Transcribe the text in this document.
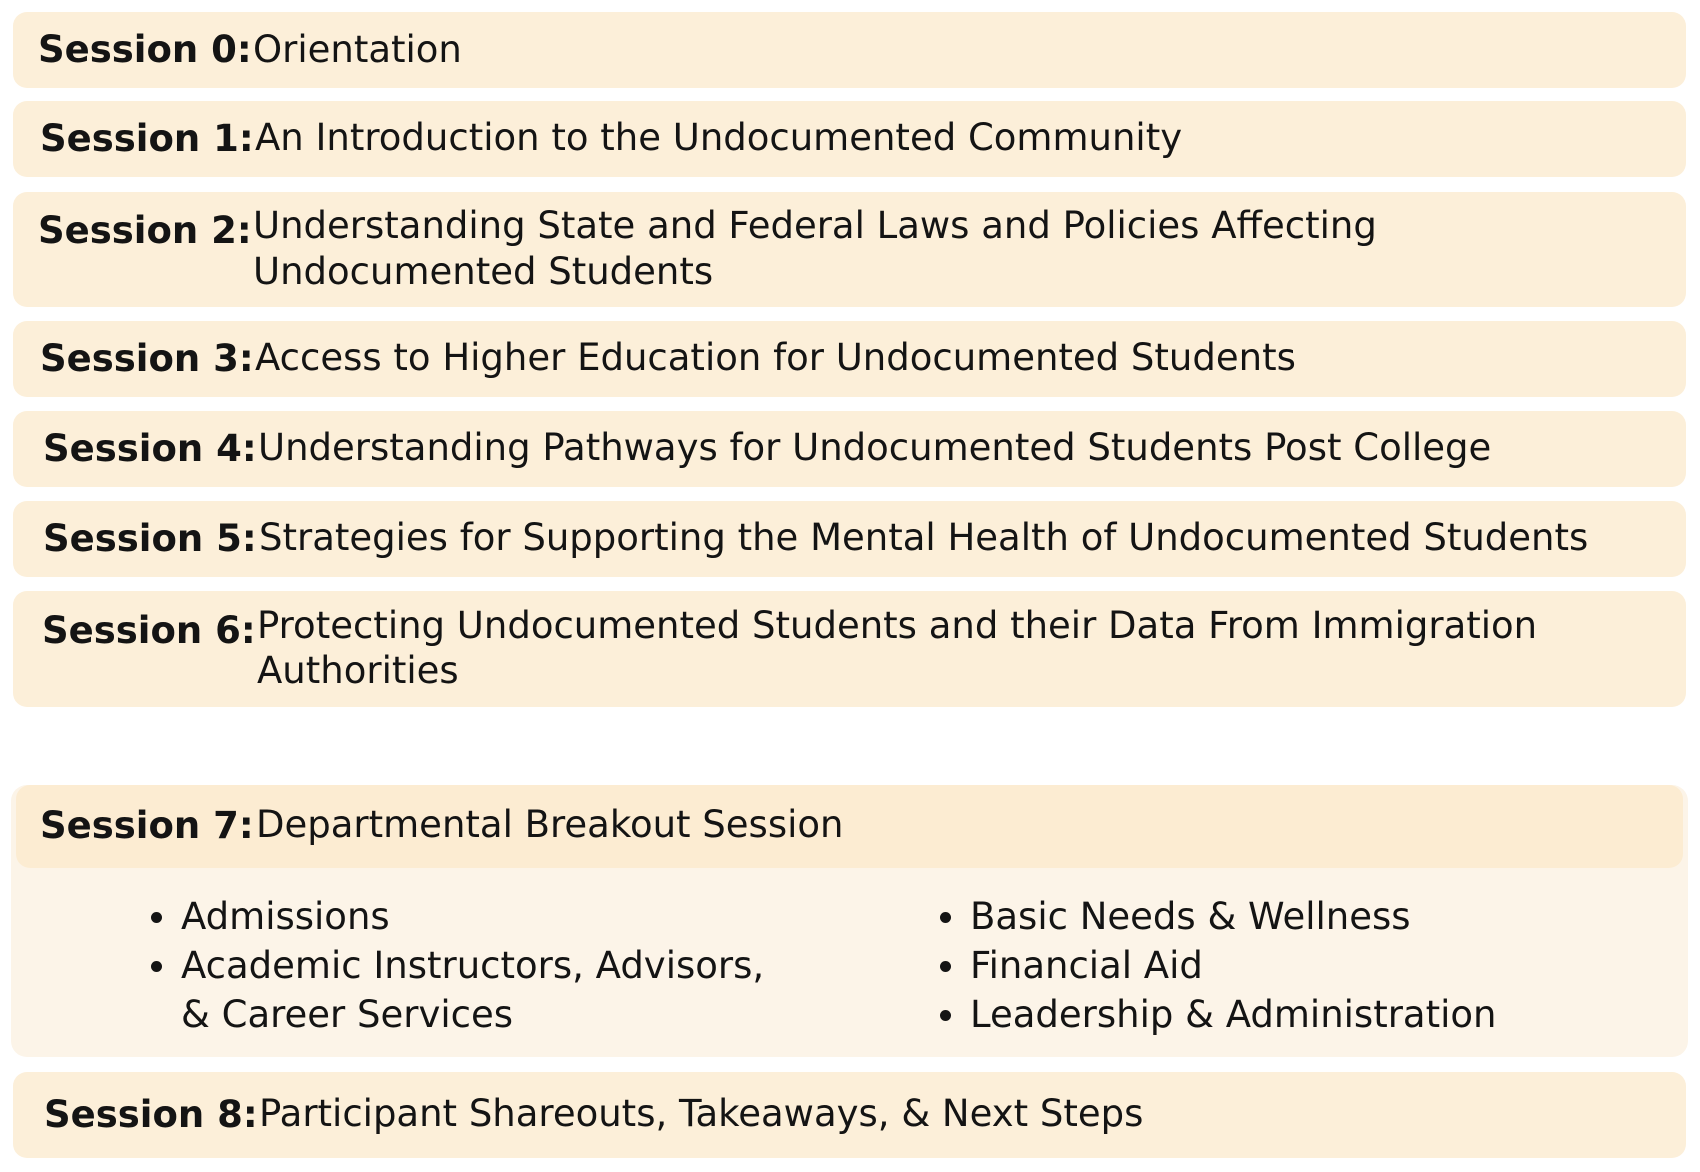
Session 0: Orientation
Session 1: An Introduction to the Undocumented Community
Session 2: Understanding State and Federal Laws and Policies Affecting
Undocumented Students
Session 3: Access to Higher Education for Undocumented Students
Session 4: Understanding Pathways for Undocumented Students Post College
Session 5: Strategies for Supporting the Mental Health of Undocumented Students
Session 6: Protecting Undocumented Students and their Data From Immigration
Authorities
Session 7: Departmental Breakout Session
Admissions
Academic Instructors, Advisors,
& Career Services
Basic Needs & Wellness
Financial Aid
Leadership & Administration
Session 8: Participant Shareouts, Takeaways, & Next Steps
